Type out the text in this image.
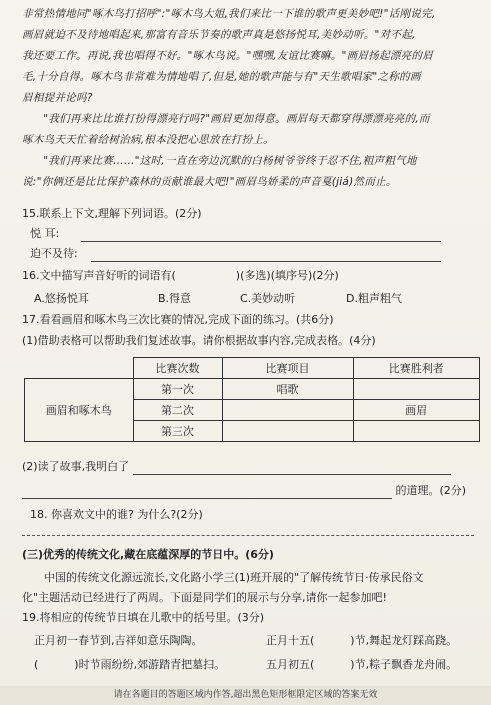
非常热情地同"啄木鸟打招呼":"啄木鸟大姐,我们来比一下谁的歌声更美妙吧!"话刚说完,

画眉就迫不及待地唱起来,那富有音乐节奏的歌声真是悠扬悦耳,美妙动听。"对不起,

我还要工作。再说,我也唱得不好。"啄木鸟说。"嘿嘿,友谊比赛嘛。"画眉扬起漂亮的眉

毛,十分自得。啄木鸟非常难为情地唱了,但是,她的歌声能与有"天生歌唱家"之称的画

眉相提并论吗?

"我们再来比比谁打扮得漂亮行吗?"画眉更加得意。画眉每天都穿得漂漂亮亮的,而

啄木鸟天天忙着给树治病,根本没把心思放在打扮上。

"我们再来比赛……"这时,一直在旁边沉默的白杨树爷爷终于忍不住,粗声粗气地

说:"你俩还是比比保护森林的贡献谁最大吧!"画眉鸟娇柔的声音戛(jiá)然而止。

15.联系上下文,理解下列词语。(2分)
悦 耳:
迫不及待:
16.文中描写声音好听的词语有(	)(多选)(填序号)(2分)
A.悠扬悦耳	B.得意	C.美妙动听	D.粗声粗气
17.看看画眉和啄木鸟三次比赛的情况,完成下面的练习。(共6分)
(1)借助表格可以帮助我们复述故事。请你根据故事内容,完成表格。(4分)
	比赛次数	比赛项目	比赛胜利者
画眉和啄木鸟	第一次	唱歌	
	第二次		画眉
	第三次		
(2)读了故事,我明白了
的道理。(2分)
18. 你喜欢文中的谁? 为什么?(2分)
(三)优秀的传统文化,藏在底蕴深厚的节日中。(6分)
中国的传统文化源远流长,文化路小学三(1)班开展的"了解传统节日·传承民俗文
化"主题活动已经进行了两周。下面是同学们的展示与分享,请你一起参加吧!
19.将相应的传统节日填在儿歌中的括号里。(3分)
正月初一春节到,吉祥如意乐陶陶。	正月十五(	)节,舞起龙灯踩高跷。
(	)时节雨纷纷,郊游踏青把墓扫。	五月初五(	)节,粽子飘香龙舟闹。
请在各题目的答题区域内作答,超出黑色矩形框限定区域的答案无效
